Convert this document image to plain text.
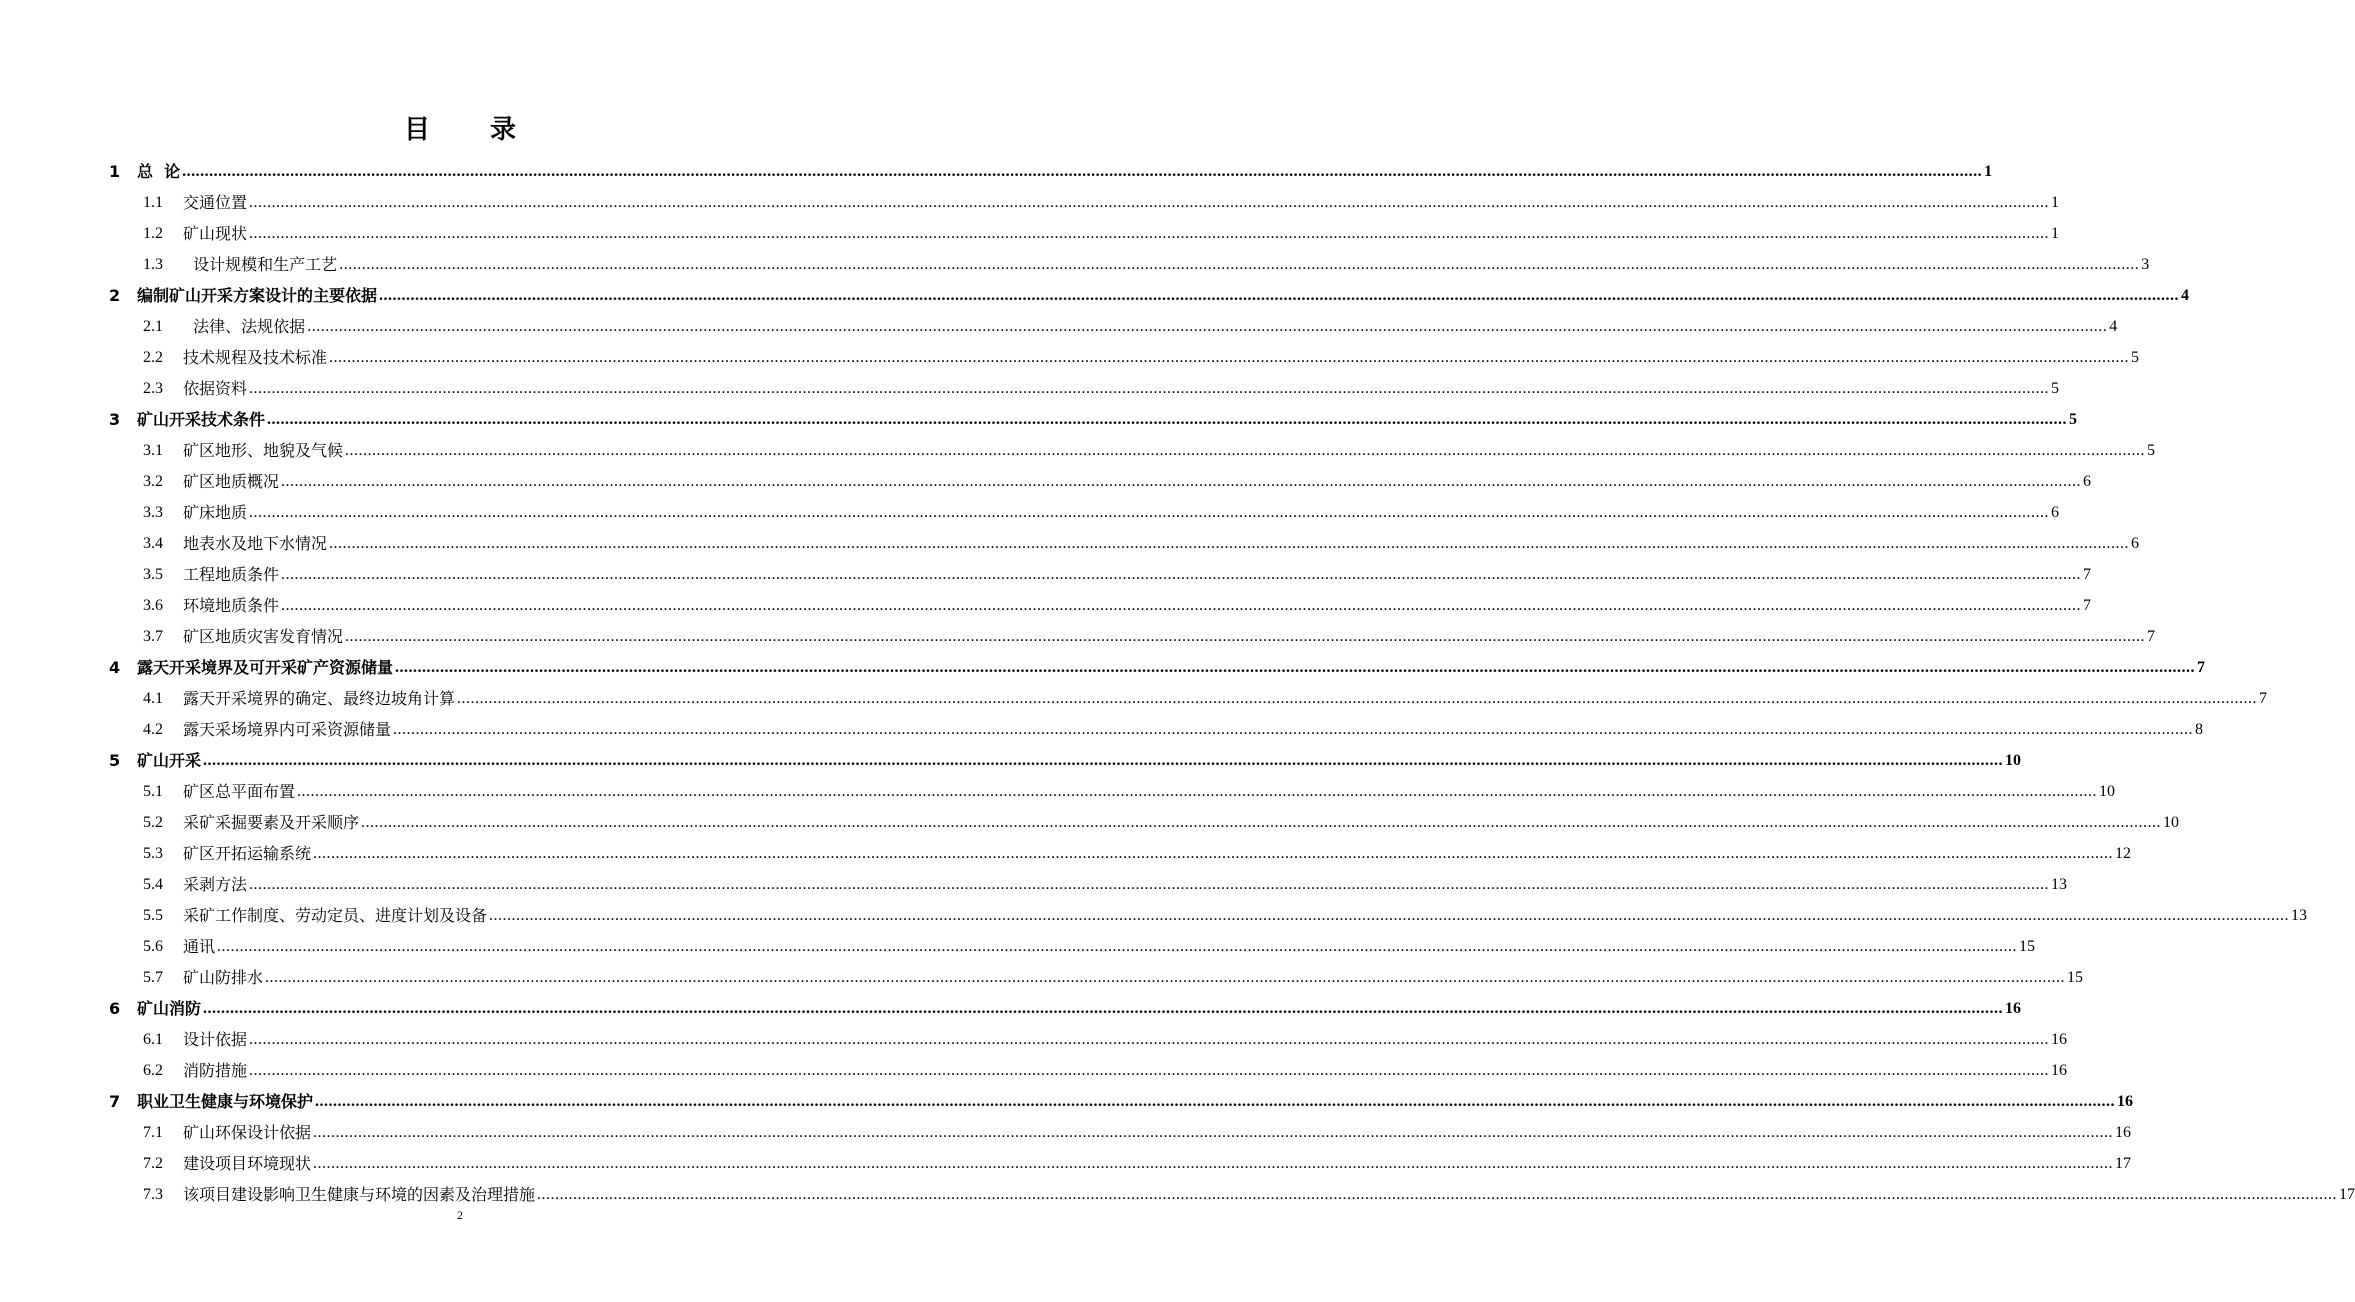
目 录
1	总  论 ................................................................................................................................................................................................................................................................................................................................................................................................................ 1
1.1	交通位置 ................................................................................................................................................................................................................................................................................................................................................................................................................ 1
1.2	矿山现状 ................................................................................................................................................................................................................................................................................................................................................................................................................ 1
1.3	设计规模和生产工艺 ................................................................................................................................................................................................................................................................................................................................................................................................................ 3
2	编制矿山开采方案设计的主要依据 ................................................................................................................................................................................................................................................................................................................................................................................................................ 4
2.1	法律、法规依据 ................................................................................................................................................................................................................................................................................................................................................................................................................ 4
2.2	技术规程及技术标准 ................................................................................................................................................................................................................................................................................................................................................................................................................ 5
2.3	依据资料 ................................................................................................................................................................................................................................................................................................................................................................................................................ 5
3	矿山开采技术条件 ................................................................................................................................................................................................................................................................................................................................................................................................................ 5
3.1	矿区地形、地貌及气候 ................................................................................................................................................................................................................................................................................................................................................................................................................ 5
3.2	矿区地质概况 ................................................................................................................................................................................................................................................................................................................................................................................................................ 6
3.3	矿床地质 ................................................................................................................................................................................................................................................................................................................................................................................................................ 6
3.4	地表水及地下水情况 ................................................................................................................................................................................................................................................................................................................................................................................................................ 6
3.5	工程地质条件 ................................................................................................................................................................................................................................................................................................................................................................................................................ 7
3.6	环境地质条件 ................................................................................................................................................................................................................................................................................................................................................................................................................ 7
3.7	矿区地质灾害发育情况 ................................................................................................................................................................................................................................................................................................................................................................................................................ 7
4	露天开采境界及可开采矿产资源储量 ................................................................................................................................................................................................................................................................................................................................................................................................................ 7
4.1	露天开采境界的确定、最终边坡角计算 ................................................................................................................................................................................................................................................................................................................................................................................................................ 7
4.2	露天采场境界内可采资源储量 ................................................................................................................................................................................................................................................................................................................................................................................................................ 8
5	矿山开采 ................................................................................................................................................................................................................................................................................................................................................................................................................ 10
5.1	矿区总平面布置 ................................................................................................................................................................................................................................................................................................................................................................................................................ 10
5.2	采矿采掘要素及开采顺序 ................................................................................................................................................................................................................................................................................................................................................................................................................ 10
5.3	矿区开拓运输系统 ................................................................................................................................................................................................................................................................................................................................................................................................................ 12
5.4	采剥方法 ................................................................................................................................................................................................................................................................................................................................................................................................................ 13
5.5	采矿工作制度、劳动定员、进度计划及设备 ................................................................................................................................................................................................................................................................................................................................................................................................................ 13
5.6	通讯 ................................................................................................................................................................................................................................................................................................................................................................................................................ 15
5.7	矿山防排水 ................................................................................................................................................................................................................................................................................................................................................................................................................ 15
6	矿山消防 ................................................................................................................................................................................................................................................................................................................................................................................................................ 16
6.1	设计依据 ................................................................................................................................................................................................................................................................................................................................................................................................................ 16
6.2	消防措施 ................................................................................................................................................................................................................................................................................................................................................................................................................ 16
7	职业卫生健康与环境保护 ................................................................................................................................................................................................................................................................................................................................................................................................................ 16
7.1	矿山环保设计依据 ................................................................................................................................................................................................................................................................................................................................................................................................................ 16
7.2	建设项目环境现状 ................................................................................................................................................................................................................................................................................................................................................................................................................ 17
7.3	该项目建设影响卫生健康与环境的因素及治理措施 ................................................................................................................................................................................................................................................................................................................................................................................................................ 17
2
